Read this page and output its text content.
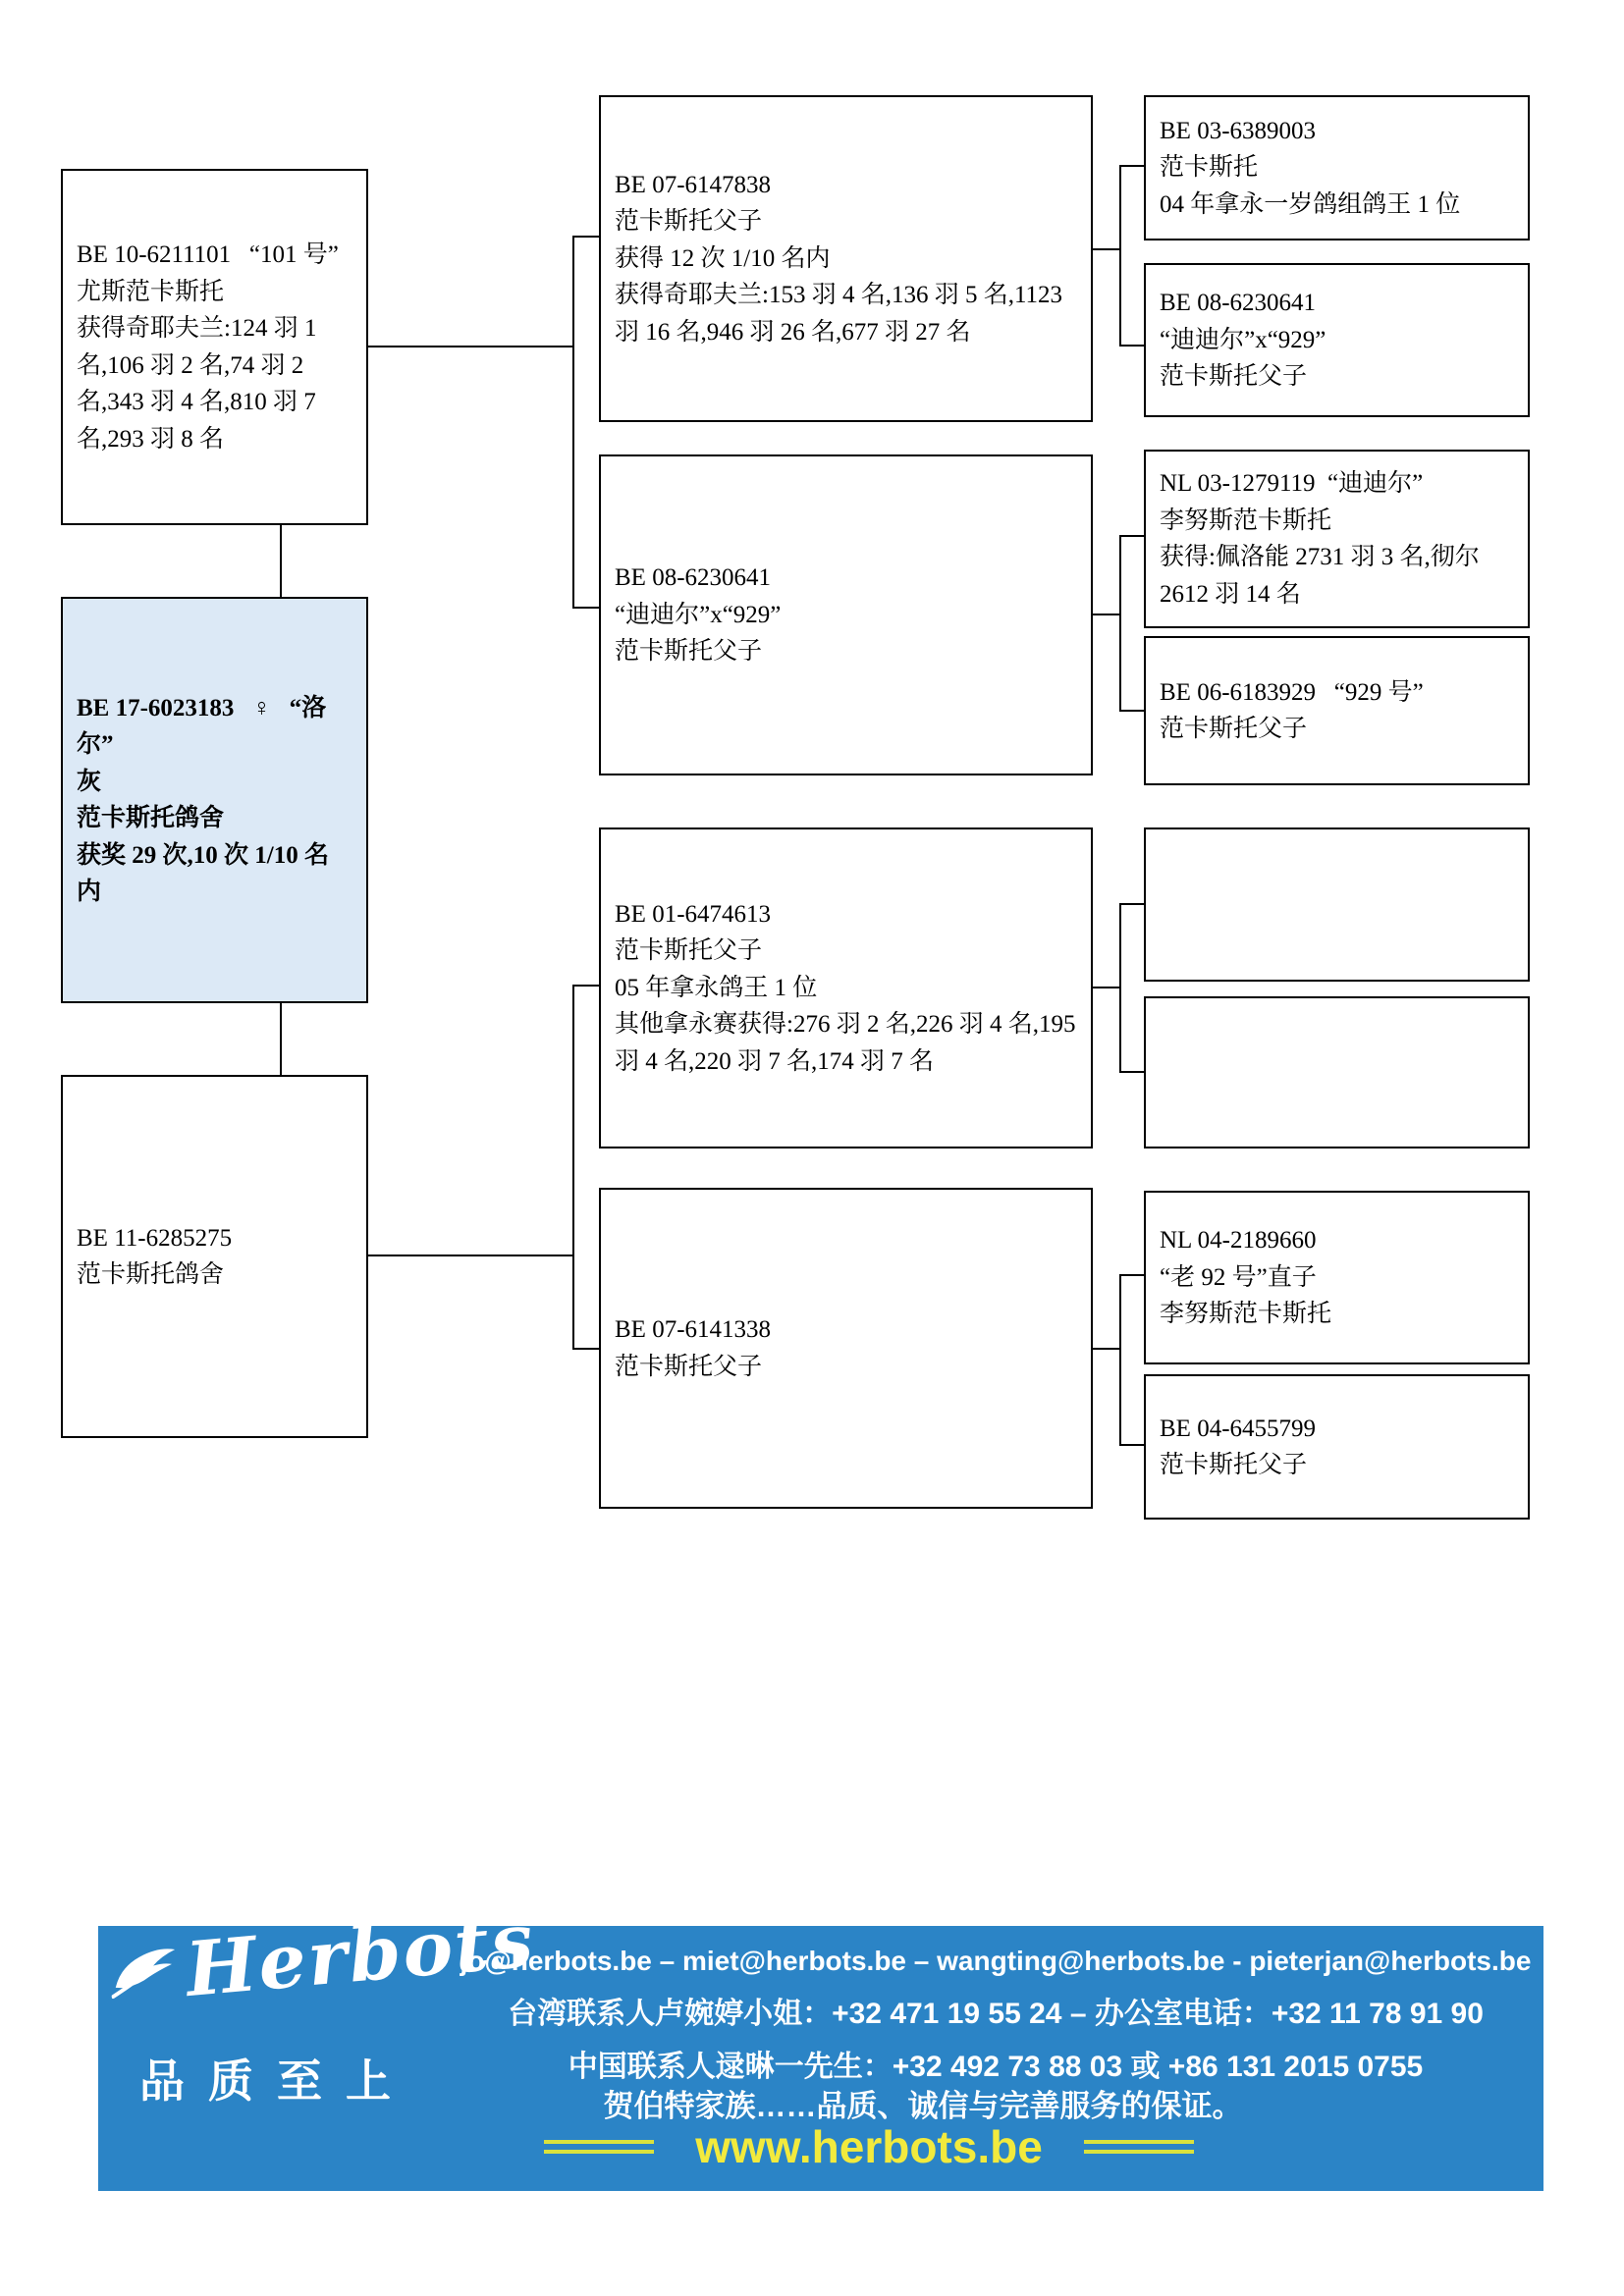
BE 17-6023183   ♀   “洛尔”
灰
范卡斯托鸽舍
获奖 29 次,10 次 1/10 名内
BE 10-6211101   “101 号”
尤斯范卡斯托
获得奇耶夫兰:124 羽 1 名,106 羽 2 名,74 羽 2 名,343 羽 4 名,810 羽 7 名,293 羽 8 名
BE 11-6285275
范卡斯托鸽舍
BE 07-6147838
范卡斯托父子
获得 12 次 1/10 名内
获得奇耶夫兰:153 羽 4 名,136 羽 5 名,1123 羽 16 名,946 羽 26 名,677 羽 27 名
BE 08-6230641
“迪迪尔”x“929”
范卡斯托父子
BE 01-6474613
范卡斯托父子
05 年拿永鸽王 1 位
其他拿永赛获得:276 羽 2 名,226 羽 4 名,195 羽 4 名,220 羽 7 名,174 羽 7 名
BE 07-6141338
范卡斯托父子
BE 03-6389003
范卡斯托
04 年拿永一岁鸽组鸽王 1 位
BE 08-6230641
“迪迪尔”x“929”
范卡斯托父子
NL 03-1279119  “迪迪尔”
李努斯范卡斯托
获得:佩洛能 2731 羽 3 名,彻尔 2612 羽 14 名
BE 06-6183929   “929 号”
范卡斯托父子
NL 04-2189660
“老 92 号”直子
李努斯范卡斯托
BE 04-6455799
范卡斯托父子
Herbots
品质至上
jo@herbots.be – miet@herbots.be – wangting@herbots.be - pieterjan@herbots.be
台湾联系人卢婉婷小姐：+32 471 19 55 24 – 办公室电话：+32 11 78 91 90
中国联系人逯晽一先生：+32 492 73 88 03 或 +86 131 2015 0755
贺伯特家族……品质、诚信与完善服务的保证。
www.herbots.be
